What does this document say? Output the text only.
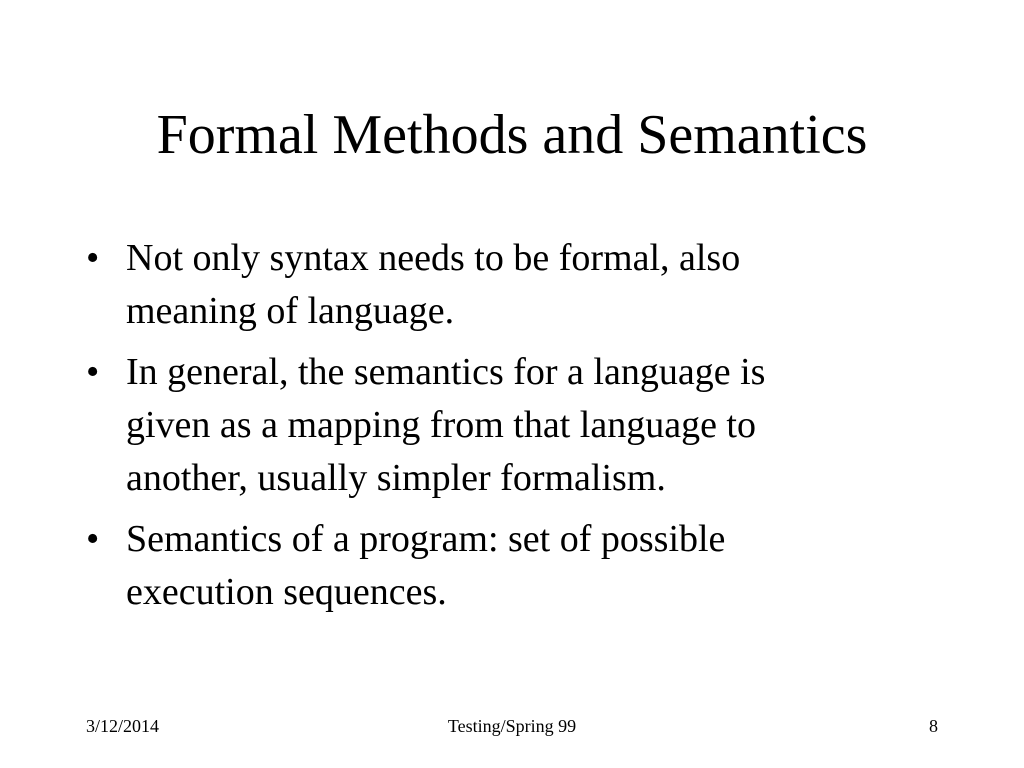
Formal Methods and Semantics
• Not only syntax needs to be formal, also
meaning of language.
• In general, the semantics for a language is
given as a mapping from that language to
another, usually simpler formalism.
• Semantics of a program: set of possible
execution sequences.
3/12/2014	Testing/Spring 99	8
